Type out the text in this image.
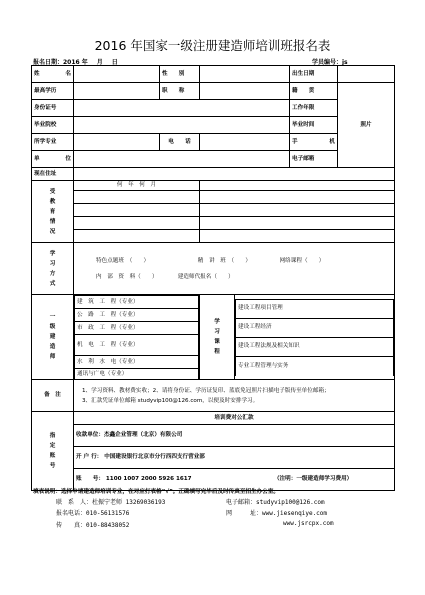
2016 年国家一级注册建造师培训班报名表
报名日期：2016 年___月___日	学员编号：js______
姓　　名		性　　别		出生日期	
最高学历		职　　称		籍　　贯	照片
身份证号		工作年限
毕业院校		毕业时间
所学专业		电　　话		手　　机
单　　位		电子邮箱	
现在住址	

受教育情况
	何　年　何　月	

学习方式

特色点题班　（　　）	精　讲　班　（　　）	网络课程（　　）
内　部　资　料（　　）	建造师代报名（　　）

一级建造师

建　筑　工　程（专业）
公　路　工　程（专业）
市　政　工　程（专业）
机　电　工　程（专业）
水　利　水　电（专业）
通讯与广电（专业）

学习课程

建设工程项目管理
建设工程经济
建设工程法规及相关知识
专业工程管理与实务

备　注	
1、学习资料、教材费实收；2、请将身份证、学历证复印、蓝底免冠照片扫描电子版传至单位邮箱；
3、汇款凭证单位邮箱 studyvip100@126.com，以便及时安排学习。

指定账号
	培训费对公汇款
收款单位：杰鑫企业管理（北京）有限公司
开 户 行： 中国建设银行北京市分行西四支行营业部
账　　号： 1100 1007 2000 5926 1617	（注明：一级建造师学习费用）
填表说明：选择申请建造师培训专业，在对应打表格“√”。正确填写完毕后及时传真至招生办公室。
联　系　人：杜振宁老师 13269036193	电子邮箱：studyvip100@126.com
报名电话：010-56131576	网　　　址：www.jiesenqiye.com
传　　真：010-88438052	www.jsrcpx.com
